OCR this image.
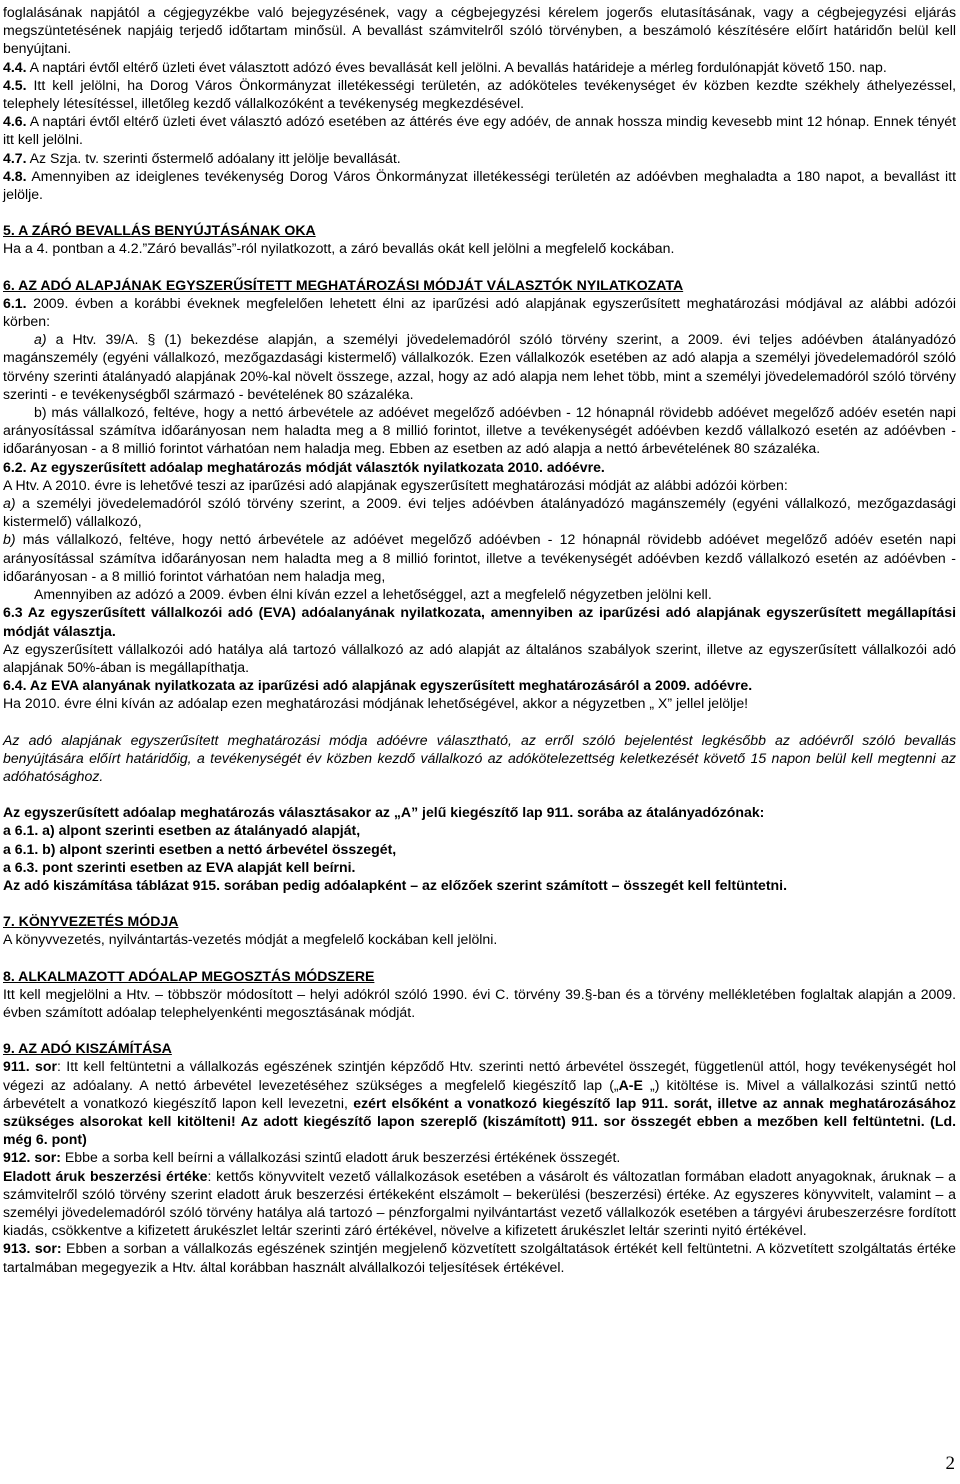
foglalásának napjától a cégjegyzékbe való bejegyzésének, vagy a cégbejegyzési kérelem jogerős elutasításának, vagy a cégbejegyzési eljárás megszüntetésének napjáig terjedő időtartam minősül. A bevallást számvitelről szóló törvényben, a beszámoló készítésére előírt határidőn belül kell benyújtani.

4.4. A naptári évtől eltérő üzleti évet választott adózó éves bevallását kell jelölni. A bevallás határideje a mérleg fordulónapját követő 150. nap.

4.5. Itt kell jelölni, ha Dorog Város Önkormányzat illetékességi területén, az adóköteles tevékenységet év közben kezdte székhely áthelyezéssel, telephely létesítéssel, illetőleg kezdő vállalkozóként a tevékenység megkezdésével.

4.6. A naptári évtől eltérő üzleti évet választó adózó esetében az áttérés éve egy adóév, de annak hossza mindig kevesebb mint 12 hónap. Ennek tényét itt kell jelölni.

4.7. Az Szja. tv. szerinti őstermelő adóalany itt jelölje bevallását.

4.8. Amennyiben az ideiglenes tevékenység Dorog Város Önkormányzat illetékességi területén az adóévben meghaladta a 180 napot, a bevallást itt jelölje.

5. A ZÁRÓ BEVALLÁS BENYÚJTÁSÁNAK OKA

Ha a 4. pontban a 4.2.”Záró bevallás”-ról nyilatkozott, a záró bevallás okát kell jelölni a megfelelő kockában.

6. AZ ADÓ ALAPJÁNAK EGYSZERŰSÍTETT MEGHATÁROZÁSI MÓDJÁT VÁLASZTÓK NYILATKOZATA

6.1. 2009. évben a korábbi éveknek megfelelően lehetett élni az iparűzési adó alapjának egyszerűsített meghatározási módjával az alábbi adózói körben:

a) a Htv. 39/A. § (1) bekezdése alapján, a személyi jövedelemadóról szóló törvény szerint, a 2009. évi teljes adóévben átalányadózó magánszemély (egyéni vállalkozó, mezőgazdasági kistermelő) vállalkozók. Ezen vállalkozók esetében az adó alapja a személyi jövedelemadóról szóló törvény szerinti átalányadó alapjának 20%-kal növelt összege, azzal, hogy az adó alapja nem lehet több, mint a személyi jövedelemadóról szóló törvény szerinti - e tevékenységből származó - bevételének 80 százaléka.

b) más vállalkozó, feltéve, hogy a nettó árbevétele az adóévet megelőző adóévben - 12 hónapnál rövidebb adóévet megelőző adóév esetén napi arányosítással számítva időarányosan nem haladta meg a 8 millió forintot, illetve a tevékenységét adóévben kezdő vállalkozó esetén az adóévben - időarányosan - a 8 millió forintot várhatóan nem haladja meg. Ebben az esetben az adó alapja a nettó árbevételének 80 százaléka.

6.2. Az egyszerűsített adóalap meghatározás módját választók nyilatkozata 2010. adóévre.

A Htv. A 2010. évre is lehetővé teszi az iparűzési adó alapjának egyszerűsített meghatározási módját az alábbi adózói körben:

a) a személyi jövedelemadóról szóló törvény szerint, a 2009. évi teljes adóévben átalányadózó magánszemély (egyéni vállalkozó, mezőgazdasági kistermelő) vállalkozó,

b) más vállalkozó, feltéve, hogy nettó árbevétele az adóévet megelőző adóévben - 12 hónapnál rövidebb adóévet megelőző adóév esetén napi arányosítással számítva időarányosan nem haladta meg a 8 millió forintot, illetve a tevékenységét adóévben kezdő vállalkozó esetén az adóévben - időarányosan - a 8 millió forintot várhatóan nem haladja meg,

Amennyiben az adózó a 2009. évben élni kíván ezzel a lehetőséggel, azt a megfelelő négyzetben jelölni kell.

6.3 Az egyszerűsített vállalkozói adó (EVA) adóalanyának nyilatkozata, amennyiben az iparűzési adó alapjának egyszerűsített megállapítási módját választja.

Az egyszerűsített vállalkozói adó hatálya alá tartozó vállalkozó az adó alapját az általános szabályok szerint, illetve az egyszerűsített vállalkozói adó alapjának 50%-ában is megállapíthatja.

6.4. Az EVA alanyának nyilatkozata az iparűzési adó alapjának egyszerűsített meghatározásáról a 2009. adóévre.

Ha 2010. évre élni kíván az adóalap ezen meghatározási módjának lehetőségével, akkor a négyzetben „ X” jellel jelölje!

Az adó alapjának egyszerűsített meghatározási módja adóévre választható, az erről szóló bejelentést legkésőbb az adóévről szóló bevallás benyújtására előírt határidőig, a tevékenységét év közben kezdő vállalkozó az adókötelezettség keletkezését követő 15 napon belül kell megtenni az adóhatósághoz.

Az egyszerűsített adóalap meghatározás választásakor az „A” jelű kiegészítő lap 911. sorába az átalányadózónak:

a 6.1. a) alpont szerinti esetben az átalányadó alapját,

a 6.1. b) alpont szerinti esetben a nettó árbevétel összegét,

a 6.3. pont szerinti esetben az EVA alapját kell beírni.

Az adó kiszámítása táblázat 915. sorában pedig adóalapként – az előzőek szerint számított – összegét kell feltüntetni.

7. KÖNYVEZETÉS MÓDJA

A könyvvezetés, nyilvántartás-vezetés módját a megfelelő kockában kell jelölni.

8. ALKALMAZOTT ADÓALAP MEGOSZTÁS MÓDSZERE

Itt kell megjelölni a Htv. – többször módosított – helyi adókról szóló 1990. évi C. törvény 39.§-ban és a törvény mellékletében foglaltak alapján a 2009. évben számított adóalap telephelyenkénti megosztásának módját.

9. AZ ADÓ KISZÁMÍTÁSA

911. sor: Itt kell feltüntetni a vállalkozás egészének szintjén képződő Htv. szerinti nettó árbevétel összegét, függetlenül attól, hogy tevékenységét hol végezi az adóalany. A nettó árbevétel levezetéséhez szükséges a megfelelő kiegészítő lap („A-E „) kitöltése is. Mivel a vállalkozási szintű nettó árbevételt a vonatkozó kiegészítő lapon kell levezetni, ezért elsőként a vonatkozó kiegészítő lap 911. sorát, illetve az annak meghatározásához szükséges alsorokat kell kitölteni! Az adott kiegészítő lapon szereplő (kiszámított) 911. sor összegét ebben a mezőben kell feltüntetni. (Ld. még 6. pont)

912. sor: Ebbe a sorba kell beírni a vállalkozási szintű eladott áruk beszerzési értékének összegét.

Eladott áruk beszerzési értéke: kettős könyvvitelt vezető vállalkozások esetében a vásárolt és változatlan formában eladott anyagoknak, áruknak – a számvitelről szóló törvény szerint eladott áruk beszerzési értékeként elszámolt – bekerülési (beszerzési) értéke. Az egyszeres könyvvitelt, valamint – a személyi jövedelemadóról szóló törvény hatálya alá tartozó – pénzforgalmi nyilvántartást vezető vállalkozók esetében a tárgyévi árubeszerzésre fordított kiadás, csökkentve a kifizetett árukészlet leltár szerinti záró értékével, növelve a kifizetett árukészlet leltár szerinti nyitó értékével.

913. sor: Ebben a sorban a vállalkozás egészének szintjén megjelenő közvetített szolgáltatások értékét kell feltüntetni. A közvetített szolgáltatás értéke tartalmában megegyezik a Htv. által korábban használt alvállalkozói teljesítések értékével.

2
